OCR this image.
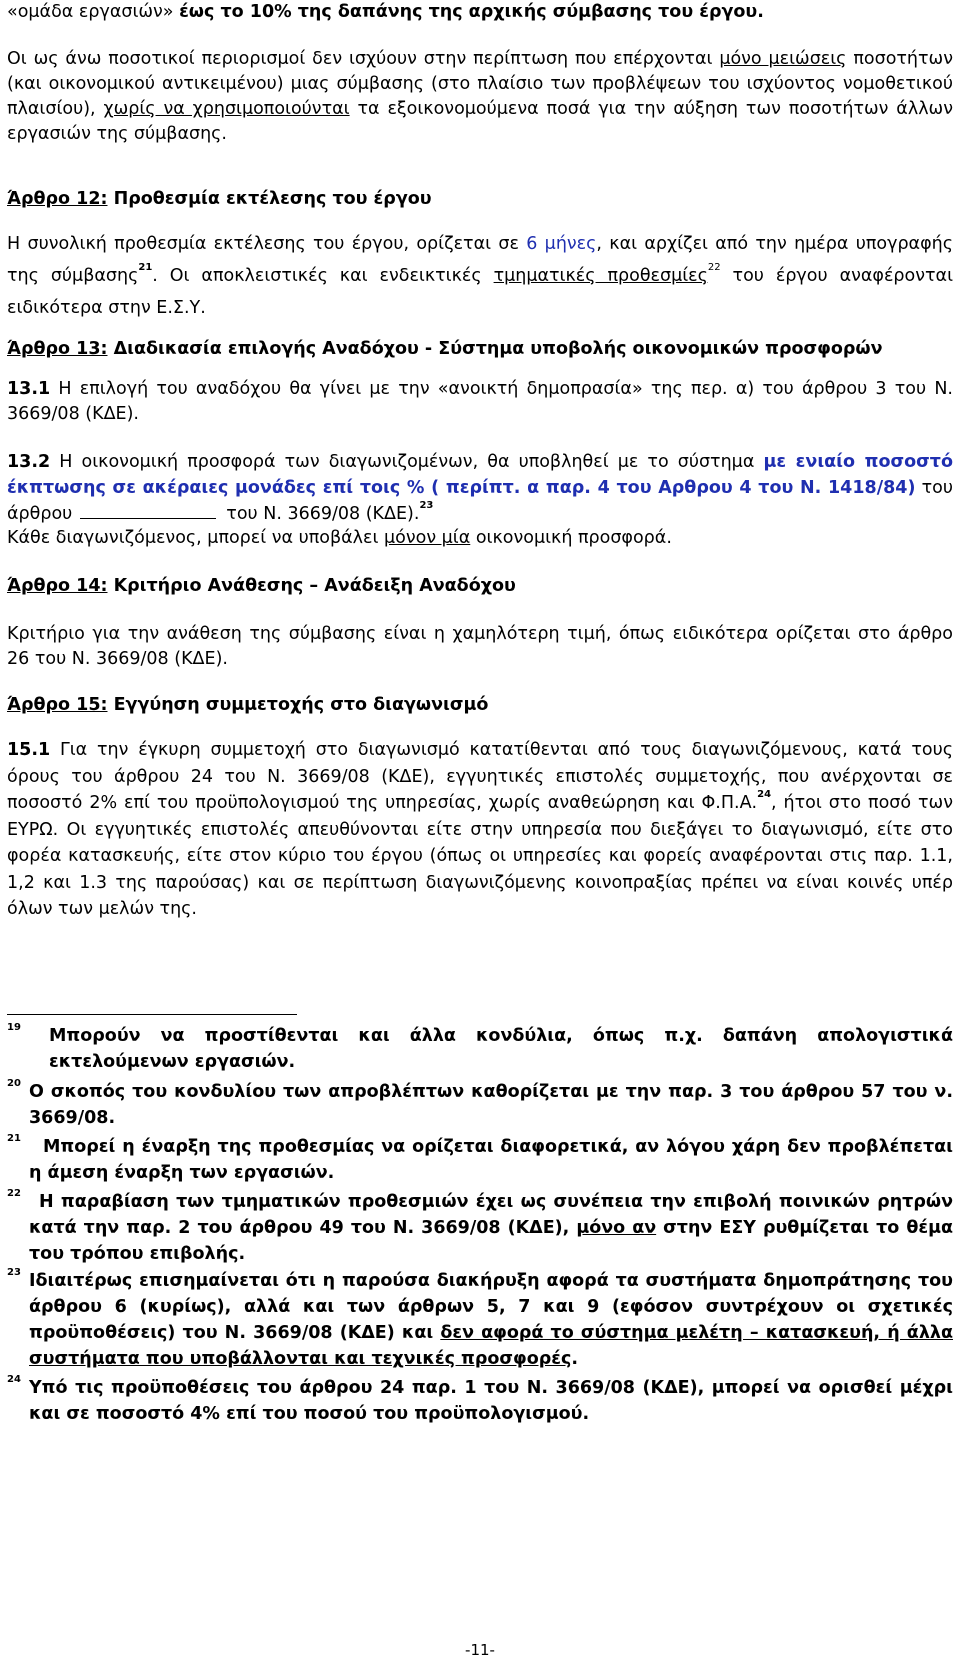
«ομάδα εργασιών» έως το 10% της δαπάνης της αρχικής σύμβασης του έργου.

Οι ως άνω ποσοτικοί περιορισμοί δεν ισχύουν στην περίπτωση που επέρχονται μόνο μειώσεις ποσοτήτων (και οικονομικού αντικειμένου) μιας σύμβασης (στο πλαίσιο των προβλέψεων του ισχύοντος νομοθετικού πλαισίου), χωρίς να χρησιμοποιούνται τα εξοικονομούμενα ποσά για την αύξηση των ποσοτήτων άλλων εργασιών της σύμβασης.

Άρθρο 12: Προθεσμία εκτέλεσης του έργου

Η συνολική προθεσμία εκτέλεσης του έργου, ορίζεται σε 6 μήνες, και αρχίζει από την ημέρα υπογραφής της σύμβασης$^{21}$. Οι αποκλειστικές και ενδεικτικές τμηματικές προθεσμίες$^{22}$ του έργου αναφέρονται ειδικότερα στην Ε.Σ.Υ.

Άρθρο 13: Διαδικασία επιλογής Αναδόχου - Σύστημα υποβολής οικονομικών προσφορών

13.1 Η επιλογή του αναδόχου θα γίνει με την «ανοικτή δημοπρασία» της περ. α) του άρθρου 3 του Ν. 3669/08 (ΚΔΕ).

13.2 Η οικονομική προσφορά των διαγωνιζομένων, θα υποβληθεί με το σύστημα με ενιαίο ποσοστό έκπτωσης σε ακέραιες μονάδες επί τοις % ( περίπτ. α παρ. 4 του Αρθρου 4 του Ν. 1418/84) του άρθρου	του Ν. 3669/08 (ΚΔΕ).$^{23}$

Κάθε διαγωνιζόμενος, μπορεί να υποβάλει μόνον μία οικονομική προσφορά.

Άρθρο 14: Κριτήριο Ανάθεσης – Ανάδειξη Αναδόχου

Κριτήριο για την ανάθεση της σύμβασης είναι η χαμηλότερη τιμή, όπως ειδικότερα ορίζεται στο άρθρο 26 του Ν. 3669/08 (ΚΔΕ).

Άρθρο 15: Εγγύηση συμμετοχής στο διαγωνισμό

15.1 Για την έγκυρη συμμετοχή στο διαγωνισμό κατατίθενται από τους διαγωνιζόμενους, κατά τους όρους του άρθρου 24 του Ν. 3669/08 (ΚΔΕ), εγγυητικές επιστολές συμμετοχής, που ανέρχονται σε ποσοστό 2% επί του προϋπολογισμού της υπηρεσίας, χωρίς αναθεώρηση και Φ.Π.Α.$^{24}$, ήτοι στο ποσό των ΕΥΡΩ. Οι εγγυητικές επιστολές απευθύνονται είτε στην υπηρεσία που διεξάγει το διαγωνισμό, είτε στο φορέα κατασκευής, είτε στον κύριο του έργου (όπως οι υπηρεσίες και φορείς αναφέρονται στις παρ. 1.1, 1,2 και 1.3 της παρούσας) και σε περίπτωση διαγωνιζόμενης κοινοπραξίας πρέπει να είναι κοινές υπέρ όλων των μελών της.

19 Μπορούν να προστίθενται και άλλα κονδύλια, όπως π.χ. δαπάνη απολογιστικά εκτελούμενων εργασιών.

20 Ο σκοπός του κονδυλίου των απροβλέπτων καθορίζεται με την παρ. 3 του άρθρου 57 του ν. 3669/08.

21	Μπορεί η έναρξη της προθεσμίας να ορίζεται διαφορετικά, αν λόγου χάρη δεν προβλέπεται η άμεση έναρξη των εργασιών.

22	Η παραβίαση των τμηματικών προθεσμιών έχει ως συνέπεια την επιβολή ποινικών ρητρών κατά την παρ. 2 του άρθρου 49 του Ν. 3669/08 (ΚΔΕ), μόνο αν στην ΕΣΥ ρυθμίζεται το θέμα του τρόπου επιβολής.

23 Ιδιαιτέρως επισημαίνεται ότι η παρούσα διακήρυξη αφορά τα συστήματα δημοπράτησης του άρθρου 6 (κυρίως), αλλά και των άρθρων 5, 7 και 9 (εφόσον συντρέχουν οι σχετικές προϋποθέσεις) του Ν. 3669/08 (ΚΔΕ) και δεν αφορά το σύστημα μελέτη – κατασκευή, ή άλλα συστήματα που υποβάλλονται και τεχνικές προσφορές.

24 Υπό τις προϋποθέσεις του άρθρου 24 παρ. 1 του Ν. 3669/08 (ΚΔΕ), μπορεί να ορισθεί μέχρι και σε ποσοστό 4% επί του ποσού του προϋπολογισμού.

-11-
